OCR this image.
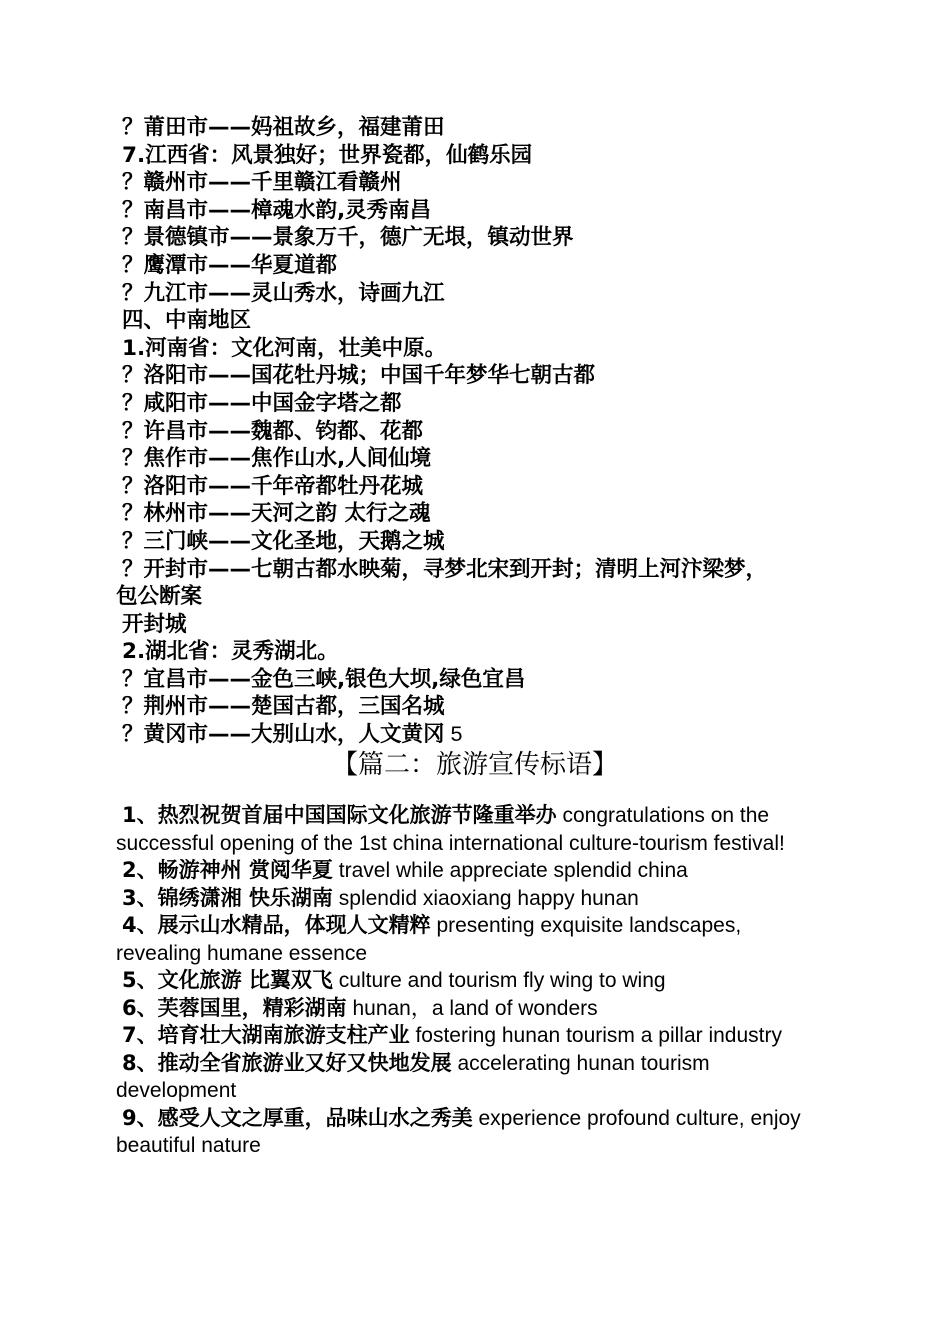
？莆田市——妈祖故乡，福建莆田
7.江西省：风景独好；世界瓷都，仙鹤乐园
？赣州市——千里赣江看赣州
？南昌市——樟魂水韵,灵秀南昌
？景德镇市——景象万千，德广无垠，镇动世界
？鹰潭市——华夏道都
？九江市——灵山秀水，诗画九江
四、中南地区
1.河南省：文化河南，壮美中原。
？洛阳市——国花牡丹城；中国千年梦华七朝古都
？咸阳市——中国金字塔之都
？许昌市——魏都、钧都、花都
？焦作市——焦作山水,人间仙境
？洛阳市——千年帝都牡丹花城
？林州市——天河之韵 太行之魂
？三门峡——文化圣地，天鹅之城
？开封市——七朝古都水映菊，寻梦北宋到开封；清明上河汴梁梦，
包公断案
开封城
2.湖北省：灵秀湖北。
？宜昌市——金色三峡,银色大坝,绿色宜昌
？荆州市——楚国古都，三国名城
？黄冈市——大别山水，人文黄冈 5
【篇二：旅游宣传标语】
1、热烈祝贺首届中国国际文化旅游节隆重举办 congratulations on the successful opening of the 1st china international culture-tourism festival!
2、畅游神州 赏阅华夏 travel while appreciate splendid china
3、锦绣潇湘 快乐湖南 splendid xiaoxiang happy hunan
4、展示山水精品，体现人文精粹 presenting exquisite landscapes, revealing humane essence
5、文化旅游 比翼双飞 culture and tourism fly wing to wing
6、芙蓉国里，精彩湖南 hunan，a land of wonders
7、培育壮大湖南旅游支柱产业 fostering hunan tourism a pillar industry
8、推动全省旅游业又好又快地发展 accelerating hunan tourism development
9、感受人文之厚重，品味山水之秀美 experience profound culture, enjoy beautiful nature
